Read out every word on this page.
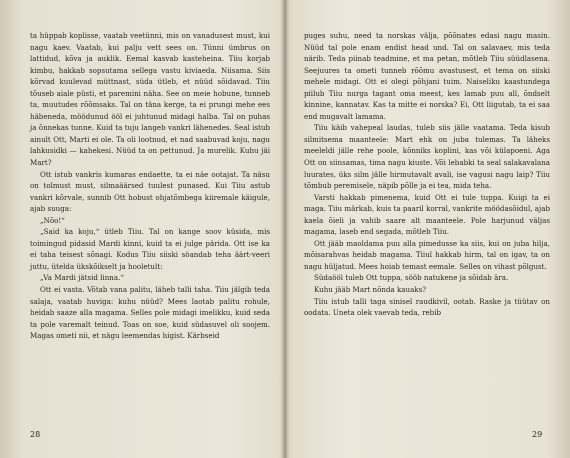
ta hüppab koplisse, vaatab veetünni, mis on vanadusest must, kui nagu kaev. Vaatab, kui palju vett sees on. Tünni ümbrus on lattidud, kõva ja auklik. Eemal kasvab kasteheina. Tiiu korjab kimbu, hakkab sopsutama sellega vastu kiviaeda. Niisama. Siis kõrvad kuulevad müttnast, süda ütleb, et nüüd sõidavad. Tiiu tõuseb aiale püsti, et paremini näha. See on meie hobune, tunneb ta, muutudes rõõmsaks. Tal on täna kerge, ta ei prungi mehe ees häbeneda, möödunud ööl ei juhtunud midagi halba. Tal on puhas ja õnnekas tunne. Kuid ta tuju langeb vankri lähenedes. Seal istub ainult Ott, Marti ei ole. Ta oli lootnud, et nad saabuvad koju, nagu lahkusidki — kahekesi. Nüüd ta on pettunud. Ja murelik. Kuhu jäi Mart?

Ott istub vankris kumaras endaette, ta ei näe ootajat. Ta näsu on tolmust must, silmaäärsed tuulest punased. Kui Tiiu astub vankri kõrvale, sunnib Ott hobust ohjatõmbega kiiremale käigule, ajab suuga:

„Nõo!“

„Said ka koju,“ ütleb Tiiu. Tal on kange soov küsida, mis toimingud pidasid Mardi kinni, kuid ta ei julge pärida. Ott ise ka ei taha teisest sõnagi. Kodus Tiiu siiski söandab teha äärt-veeri juttu, ütelda ükskõikselt ja hooletult:

„Va Mardi jätsid linna.“

Ott ei vasta. Võtab vana palitu, läheb talli taha. Tiiu jälgib teda salaja, vaatab huviga: kuhu nüüd? Mees laotab palitu rohule, heidab saaze alla magama. Selles pole midagi imelikku, kuid seda ta pole varemalt teinud. Toas on soe, kuid südasuvel oli soojem. Magas ometi nii, et nägu leemendas higist. Kärbseid

28

puges suhu, need ta norskas välja, põõnates edasi nagu masin. Nüüd tal pole enam endist head und. Tal on salavaev, mis teda närib. Teda piinab teadmine, et ma petan, mõtleb Tiiu süüdlasena. Seejuures ta ometi tunneb rõõmu avastusest, et tema on siiski mehele midagi. Ott ei olegi põhjani tuim. Naiseliku kaastundega piilub Tiiu nurga tagant oma meest, kes lamab puu all, õndselt kinnine, kannatav. Kas ta mitte ei norska? Ei, Ott liigutab, ta ei saa end mugavalt lamama.

Tiiu käib vahepeal laudas, tuleb siis jälle vaatama. Teda kisub silmitsema maanteele: Mart ehk on juba tulemas. Ta läheks meeleldi jälle rehe poole, kõnniks koplini, kas või külapoeni. Aga Ott on siinsamas, tima nagu kiuste. Või lebabki ta seal salakavalana luurates, üks silm jälle hirmutavalt avali, ise vagusi nagu laip? Tiiu tõmbub peremisele, näpib põlle ja ei tea, mida teha.

Varsti hakkab pimenema, kuid Ott ei tule tuppa. Kuigi ta ei maga. Tiiu märkab, kuis ta paaril korral, vankrite möödasõidul, ajab kaela õieli ja vahib saare alt maanteele. Pole harjunud väljas magama, laseb end segada, mõtleb Tiiu.

Ott jääb maoldama puu alla pimedusse ka siis, kui on juba hilja, mõisarahvas heidab magama. Tiiul hakkab hirm, tal on igav, ta on nagu hüljatud. Mees hoiab temast eemale. Selles on vihast põlgust.

Südaööl tuleb Ott tuppa, sööb natukene ja sõidab ära.

Kuhu jääb Mart nõnda kauaks?

Tiiu istub talli taga sinisel raudkivil, ootab. Raske ja tüütav on oodata. Uneta olek vaevab teda, rebib

29
